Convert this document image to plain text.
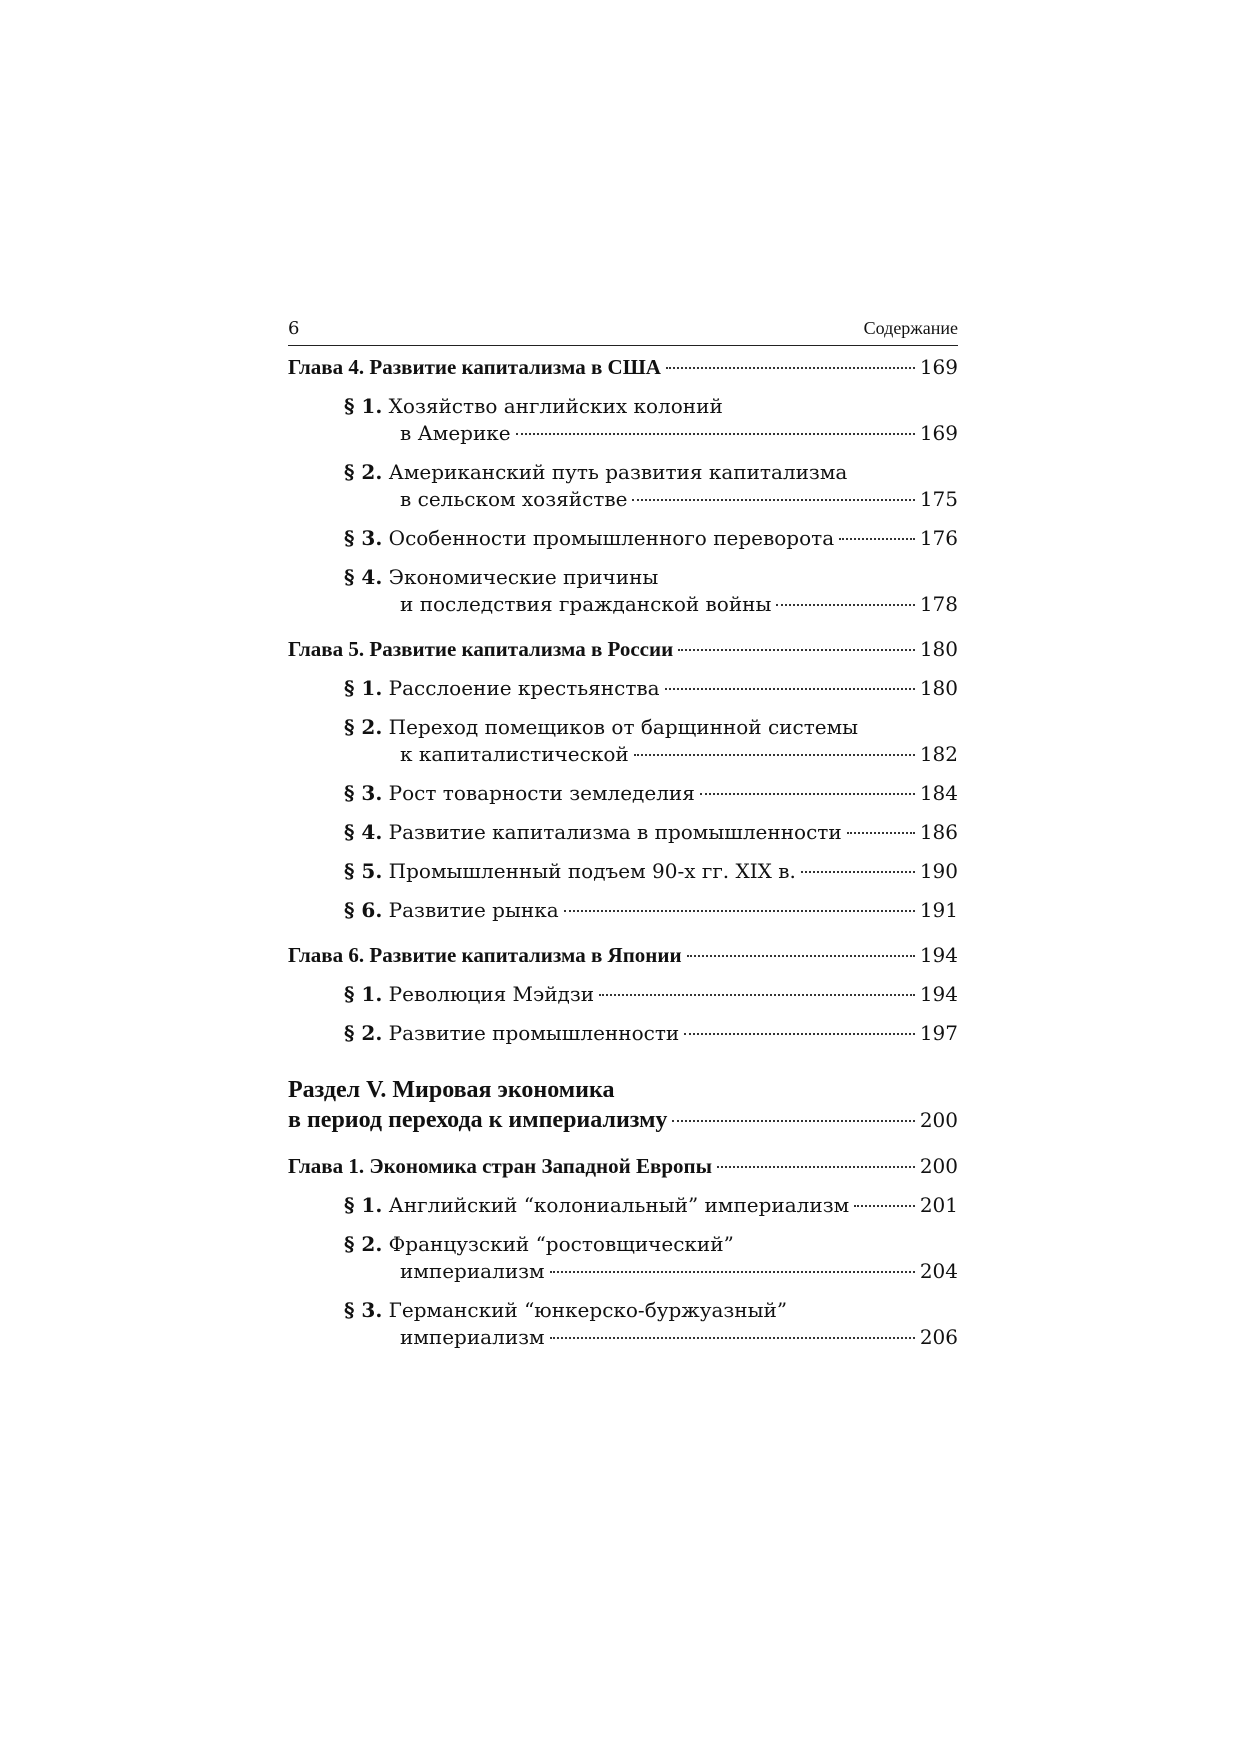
6	Содержание
Глава 4. Развитие капитализма в США	169
§ 1. Хозяйство английских колоний
в Америке	169
§ 2. Американский путь развития капитализма
в сельском хозяйстве	175
§ 3. Особенности промышленного переворота	176
§ 4. Экономические причины
и последствия гражданской войны	178
Глава 5. Развитие капитализма в России	180
§ 1. Расслоение крестьянства	180
§ 2. Переход помещиков от барщинной системы
к капиталистической	182
§ 3. Рост товарности земледелия	184
§ 4. Развитие капитализма в промышленности	186
§ 5. Промышленный подъем 90-х гг. XIX в.	190
§ 6. Развитие рынка	191
Глава 6. Развитие капитализма в Японии	194
§ 1. Революция Мэйдзи	194
§ 2. Развитие промышленности	197
Раздел V. Мировая экономика
в период перехода к империализму	200
Глава 1. Экономика стран Западной Европы	200
§ 1. Английский “колониальный” империализм	201
§ 2. Французский “ростовщический”
империализм	204
§ 3. Германский “юнкерско-буржуазный”
империализм	206
